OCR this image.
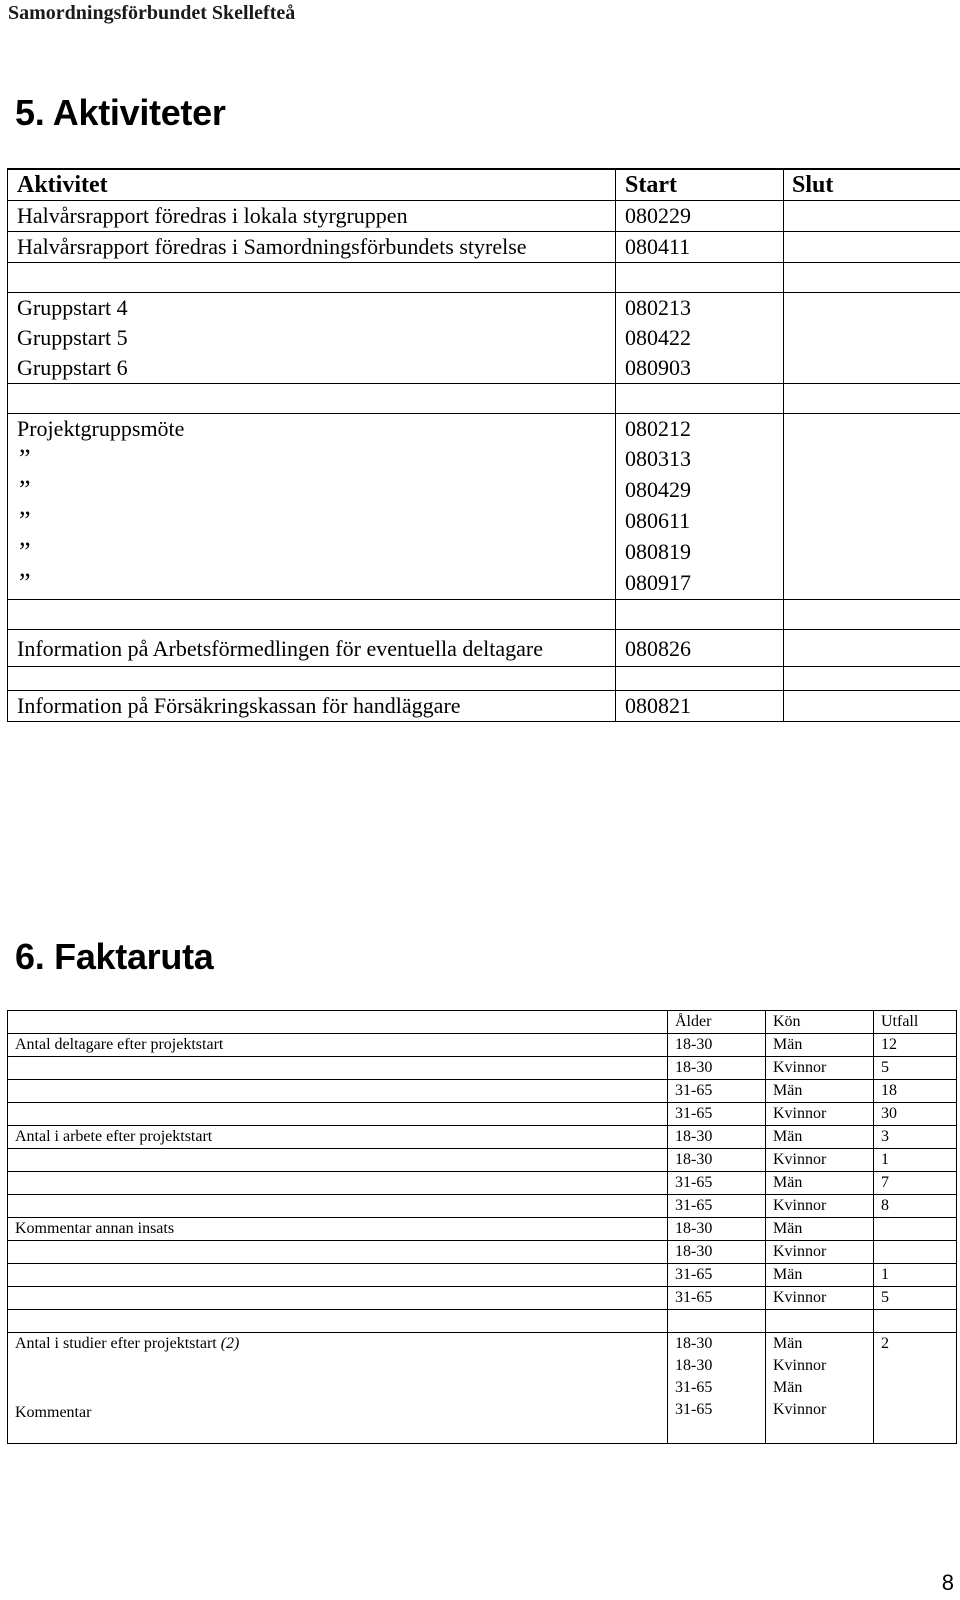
Samordningsförbundet Skellefteå
5. Aktiviteter
Aktivitet	Start	Slut
Halvårsrapport föredras i lokala styrgruppen	080229	
Halvårsrapport föredras i Samordningsförbundets styrelse	080411	

Gruppstart 4	080213	
Gruppstart 5	080422	
Gruppstart 6	080903	

Projektgruppsmöte	080212	
”	080313	
”	080429	
”	080611	
”	080819	
”	080917	

Information på Arbetsförmedlingen för eventuella deltagare	080826	

Information på Försäkringskassan för handläggare	080821	
6. Faktaruta
	Ålder	Kön	Utfall
Antal deltagare efter projektstart	18-30	Män	12
	18-30	Kvinnor	5
	31-65	Män	18
	31-65	Kvinnor	30
Antal i arbete efter projektstart	18-30	Män	3
	18-30	Kvinnor	1
	31-65	Män	7
	31-65	Kvinnor	8
Kommentar annan insats	18-30	Män	
	18-30	Kvinnor	
	31-65	Män	1
	31-65	Kvinnor	5

Antal i studier efter projektstart (2)	18-30	Män	2
	18-30	Kvinnor	
	31-65	Män	
Kommentar	31-65	Kvinnor	

8
